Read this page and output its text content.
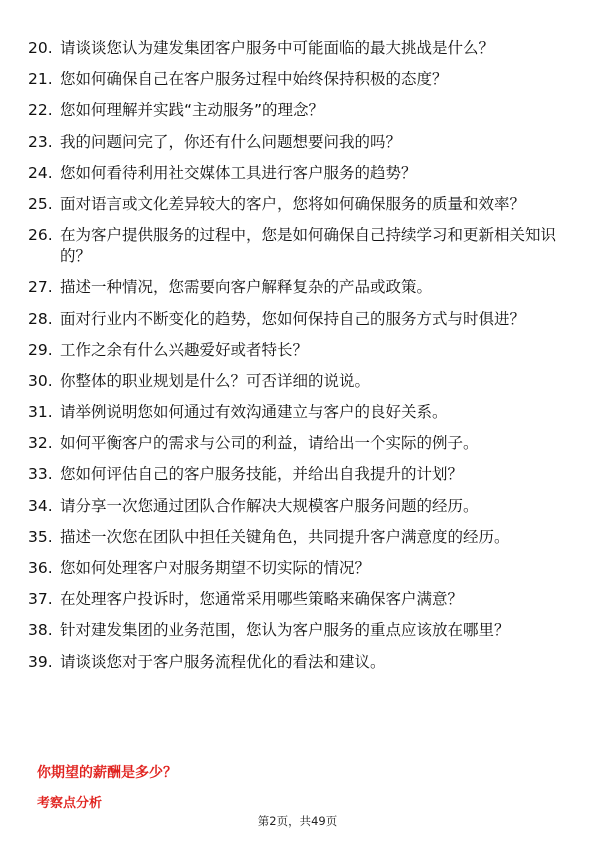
20. 请谈谈您认为建发集团客户服务中可能面临的最大挑战是什么？
21. 您如何确保自己在客户服务过程中始终保持积极的态度？
22. 您如何理解并实践“主动服务”的理念？
23. 我的问题问完了，你还有什么问题想要问我的吗？
24. 您如何看待利用社交媒体工具进行客户服务的趋势？
25. 面对语言或文化差异较大的客户，您将如何确保服务的质量和效率？
26. 在为客户提供服务的过程中，您是如何确保自己持续学习和更新相关知识的？
27. 描述一种情况，您需要向客户解释复杂的产品或政策。
28. 面对行业内不断变化的趋势，您如何保持自己的服务方式与时俱进？
29. 工作之余有什么兴趣爱好或者特长？
30. 你整体的职业规划是什么？可否详细的说说。
31. 请举例说明您如何通过有效沟通建立与客户的良好关系。
32. 如何平衡客户的需求与公司的利益，请给出一个实际的例子。
33. 您如何评估自己的客户服务技能，并给出自我提升的计划？
34. 请分享一次您通过团队合作解决大规模客户服务问题的经历。
35. 描述一次您在团队中担任关键角色，共同提升客户满意度的经历。
36. 您如何处理客户对服务期望不切实际的情况？
37. 在处理客户投诉时，您通常采用哪些策略来确保客户满意？
38. 针对建发集团的业务范围，您认为客户服务的重点应该放在哪里？
39. 请谈谈您对于客户服务流程优化的看法和建议。
你期望的薪酬是多少？
考察点分析
第2页，共49页
